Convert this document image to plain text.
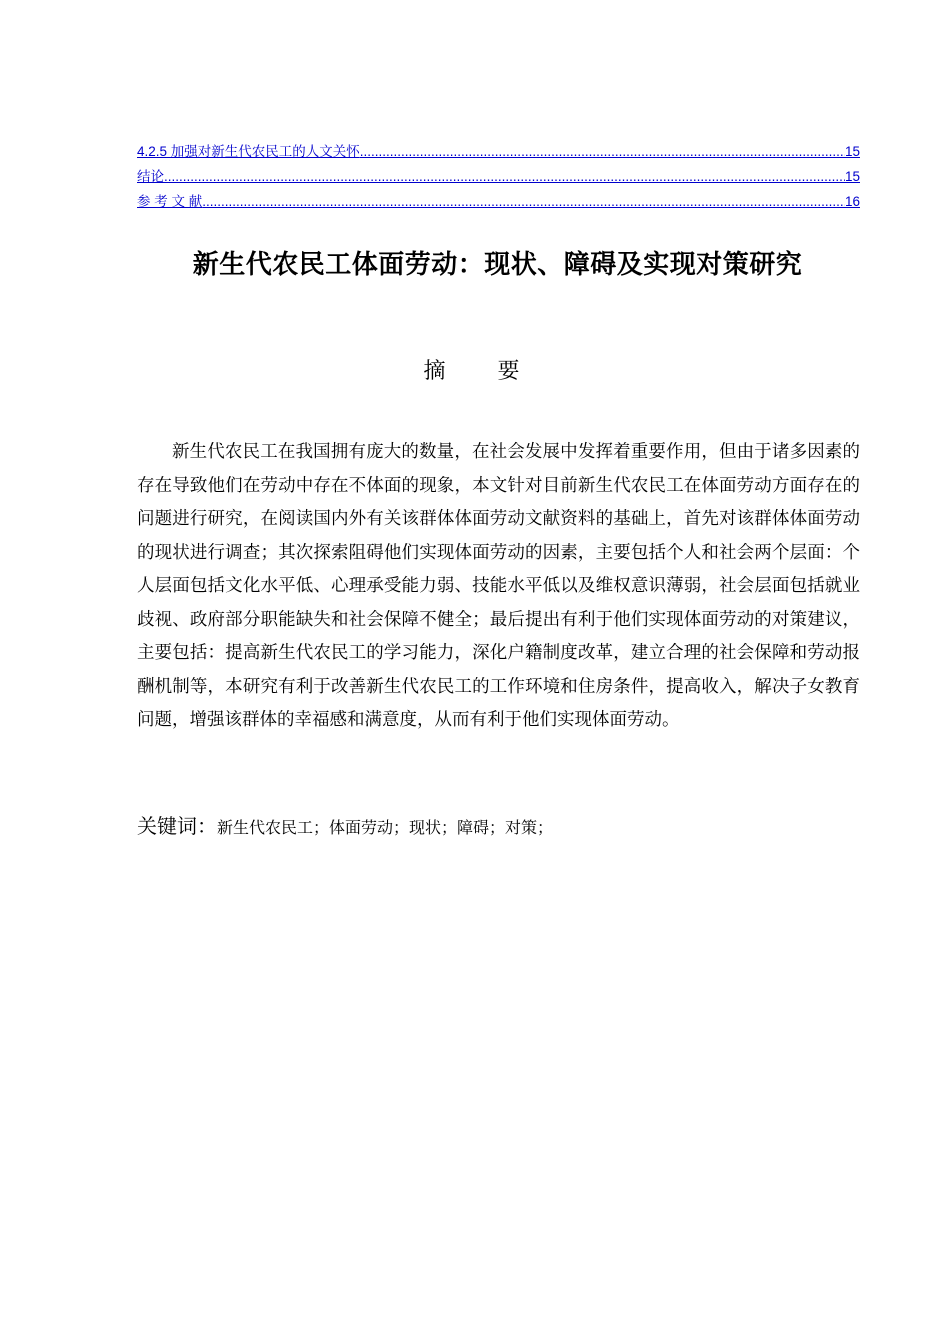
4.2.5 加强对新生代农民工的人文关怀 .....	15
结论 .....	15
参 考 文 献 .....	16
新生代农民工体面劳动：现状、障碍及实现对策研究
摘要
新生代农民工在我国拥有庞大的数量，在社会发展中发挥着重要作用，但由于诸多因素的存在导致他们在劳动中存在不体面的现象，本文针对目前新生代农民工在体面劳动方面存在的问题进行研究，在阅读国内外有关该群体体面劳动文献资料的基础上，首先对该群体体面劳动的现状进行调查；其次探索阻碍他们实现体面劳动的因素，主要包括个人和社会两个层面：个人层面包括文化水平低、心理承受能力弱、技能水平低以及维权意识薄弱，社会层面包括就业歧视、政府部分职能缺失和社会保障不健全；最后提出有利于他们实现体面劳动的对策建议，主要包括：提高新生代农民工的学习能力，深化户籍制度改革，建立合理的社会保障和劳动报酬机制等，本研究有利于改善新生代农民工的工作环境和住房条件，提高收入，解决子女教育问题，增强该群体的幸福感和满意度，从而有利于他们实现体面劳动。
关键词：新生代农民工；体面劳动；现状；障碍；对策；
